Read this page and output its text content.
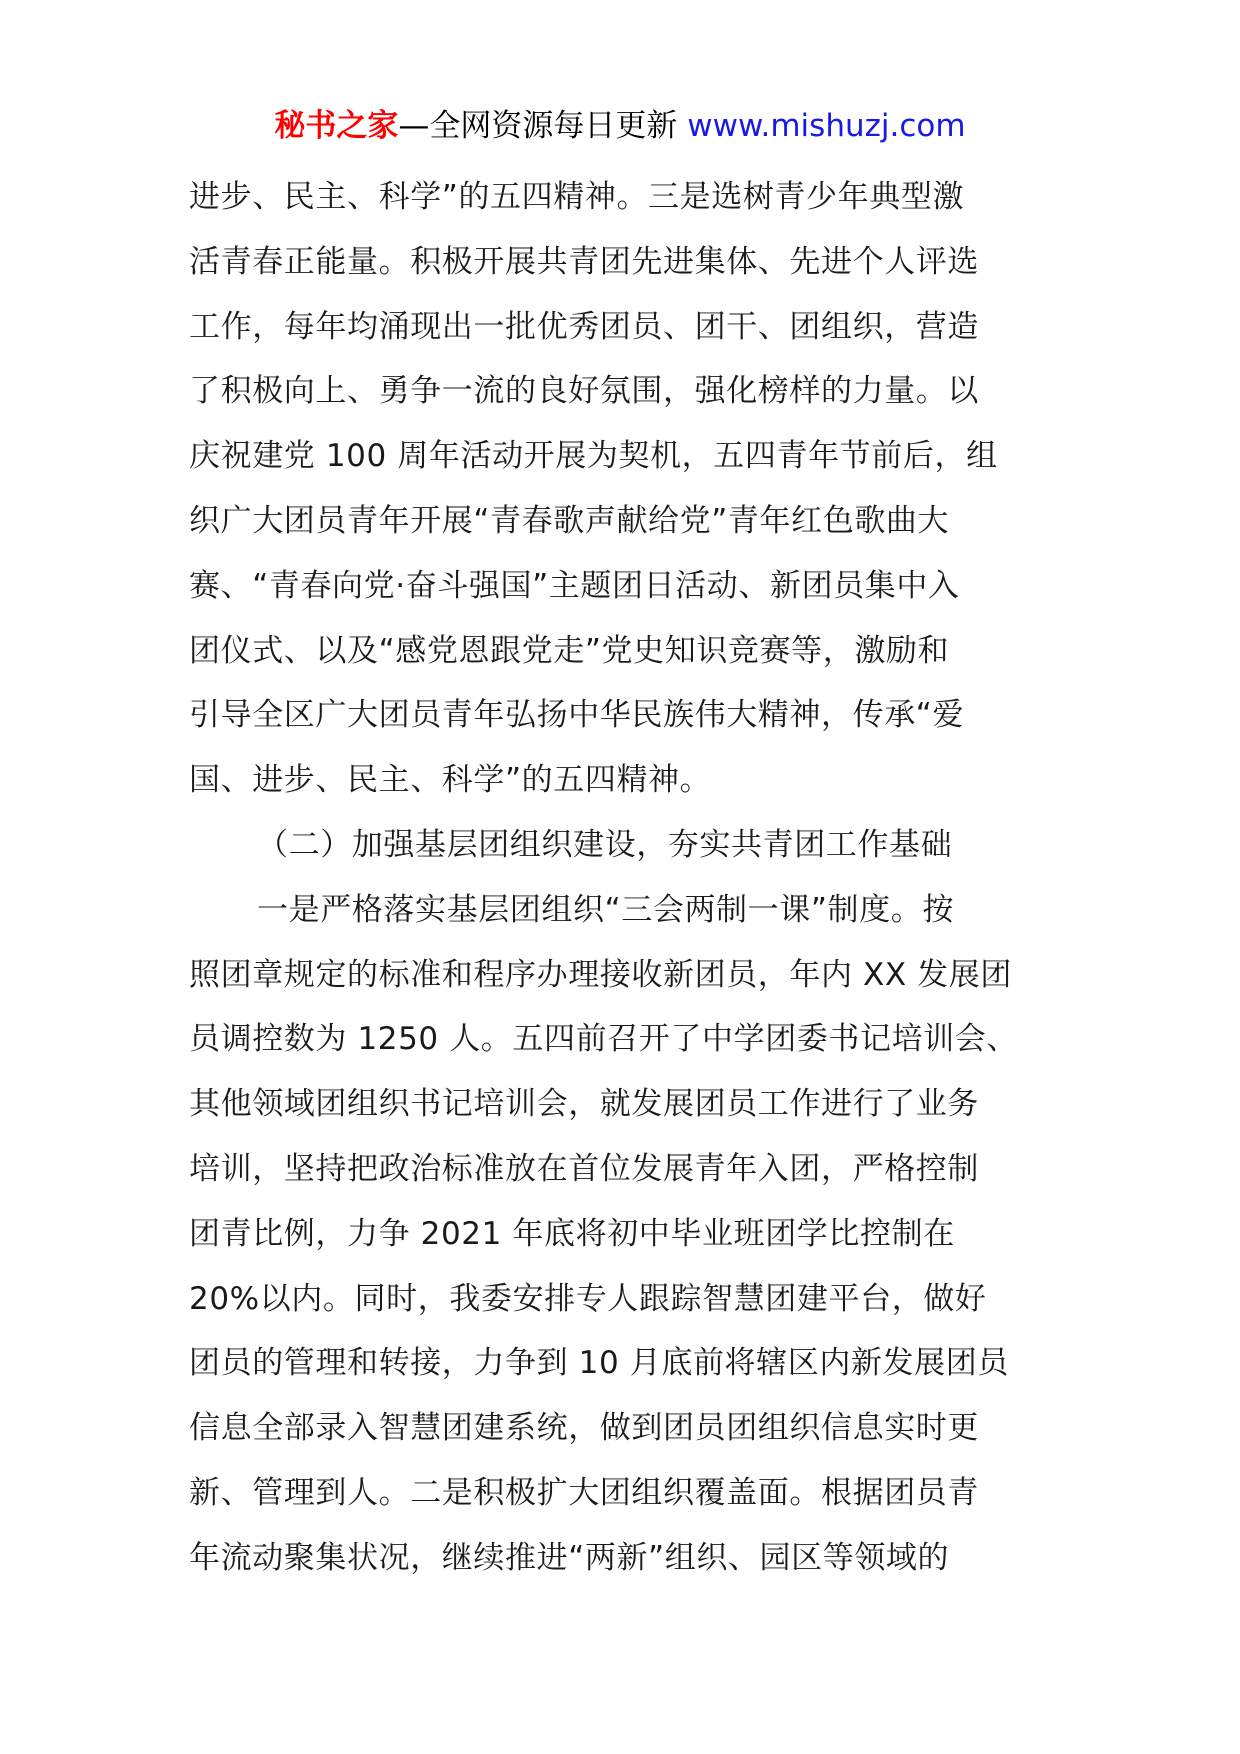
秘书之家—全网资源每日更新 www.mishuzj.com
进步、民主、科学”的五四精神。三是选树青少年典型激
活青春正能量。积极开展共青团先进集体、先进个人评选
工作，每年均涌现出一批优秀团员、团干、团组织，营造
了积极向上、勇争一流的良好氛围，强化榜样的力量。以
庆祝建党 100 周年活动开展为契机，五四青年节前后，组
织广大团员青年开展“青春歌声献给党”青年红色歌曲大
赛、“青春向党·奋斗强国”主题团日活动、新团员集中入
团仪式、以及“感党恩跟党走”党史知识竞赛等，激励和
引导全区广大团员青年弘扬中华民族伟大精神，传承“爱
国、进步、民主、科学”的五四精神。
（二）加强基层团组织建设，夯实共青团工作基础
一是严格落实基层团组织“三会两制一课”制度。按
照团章规定的标准和程序办理接收新团员，年内 XX 发展团
员调控数为 1250 人。五四前召开了中学团委书记培训会、
其他领域团组织书记培训会，就发展团员工作进行了业务
培训，坚持把政治标准放在首位发展青年入团，严格控制
团青比例，力争 2021 年底将初中毕业班团学比控制在
20%以内。同时，我委安排专人跟踪智慧团建平台，做好
团员的管理和转接，力争到 10 月底前将辖区内新发展团员
信息全部录入智慧团建系统，做到团员团组织信息实时更
新、管理到人。二是积极扩大团组织覆盖面。根据团员青
年流动聚集状况，继续推进“两新”组织、园区等领域的
